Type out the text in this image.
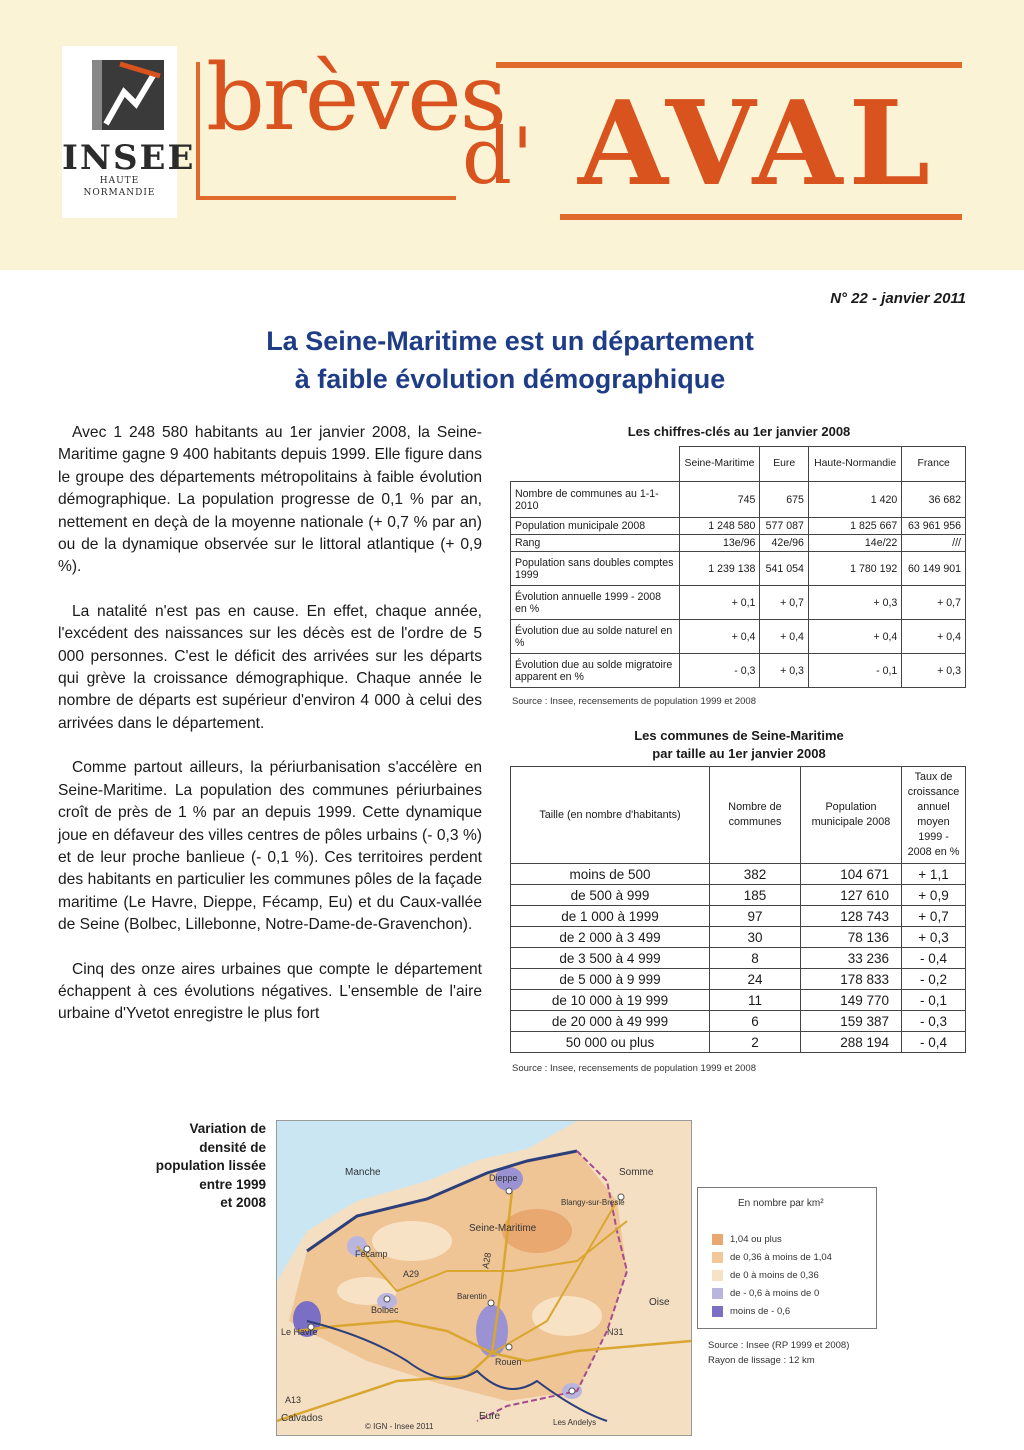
INSEE
HAUTE
NORMANDIE
brèves
d' AVAL
N° 22 - janvier 2011
La Seine-Maritime est un département
à faible évolution démographique

Avec 1 248 580 habitants au 1er janvier 2008, la Seine-Maritime gagne 9 400 habitants depuis 1999. Elle figure dans le groupe des départements métropolitains à faible évolution démographique. La population progresse de 0,1 % par an, nettement en deçà de la moyenne nationale (+ 0,7 % par an) ou de la dynamique observée sur le littoral atlantique (+ 0,9 %).

La natalité n'est pas en cause. En effet, chaque année, l'excédent des naissances sur les décès est de l'ordre de 5 000 personnes. C'est le déficit des arrivées sur les départs qui grève la croissance démographique. Chaque année le nombre de départs est supérieur d'environ 4 000 à celui des arrivées dans le département.

Comme partout ailleurs, la périurbanisation s'accélère en Seine-Maritime. La population des communes périurbaines croît de près de 1 % par an depuis 1999. Cette dynamique joue en défaveur des villes centres de pôles urbains (- 0,3 %) et de leur proche banlieue (- 0,1 %). Ces territoires perdent des habitants en particulier les communes pôles de la façade maritime (Le Havre, Dieppe, Fécamp, Eu) et du Caux-vallée de Seine (Bolbec, Lillebonne, Notre-Dame-de-Gravenchon).

Cinq des onze aires urbaines que compte le département échappent à ces évolutions négatives. L'ensemble de l'aire urbaine d'Yvetot enregistre le plus fort

Les chiffres-clés au 1er janvier 2008
	Seine-Maritime	Eure	Haute-Normandie	France
Nombre de communes au 1-1-2010	745	675	1 420	36 682
Population municipale 2008	1 248 580	577 087	1 825 667	63 961 956
Rang	13e/96	42e/96	14e/22	///
Population sans doubles comptes 1999	1 239 138	541 054	1 780 192	60 149 901
Évolution annuelle 1999 - 2008 en %	+ 0,1	+ 0,7	+ 0,3	+ 0,7
Évolution due au solde naturel en %	+ 0,4	+ 0,4	+ 0,4	+ 0,4
Évolution due au solde migratoire apparent en %	- 0,3	+ 0,3	- 0,1	+ 0,3
Source : Insee, recensements de population 1999 et 2008
Les communes de Seine-Maritime
par taille au 1er janvier 2008
Taille (en nombre d'habitants)	Nombre de communes	Population municipale 2008	Taux de croissance annuel moyen 1999 - 2008 en %
moins de 500	382	104 671	+ 1,1
de 500 à 999	185	127 610	+ 0,9
de 1 000 à 1999	97	128 743	+ 0,7
de 2 000 à 3 499	30	78 136	+ 0,3
de 3 500 à 4 999	8	33 236	- 0,4
de 5 000 à 9 999	24	178 833	- 0,2
de 10 000 à 19 999	11	149 770	- 0,1
de 20 000 à 49 999	6	159 387	- 0,3
50 000 ou plus	2	288 194	- 0,4
Source : Insee, recensements de population 1999 et 2008
Variation de
densité de
population lissée
entre 1999
et 2008
Manche	Dieppe	Somme
Blangy-sur-Bresle
Seine-Maritime
Fécamp
A29
A28
Bolbec
Barentin
Oise
Le Havre	N31
Rouen
A13
Calvados
© IGN - Insee 2011
Eure
Les Andelys
En nombre par km²
1,04 ou plus
de 0,36 à moins de 1,04
de 0 à moins de 0,36
de - 0,6 à moins de 0
moins de - 0,6
Source : Insee (RP 1999 et 2008)
Rayon de lissage : 12 km
